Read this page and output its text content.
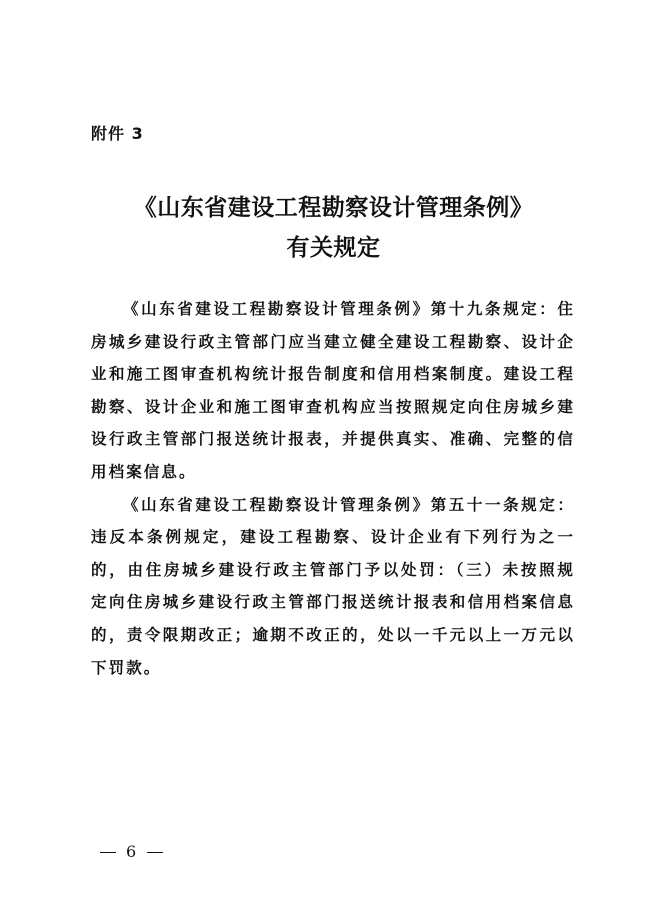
附件 3
《山东省建设工程勘察设计管理条例》
有关规定

《山东省建设工程勘察设计管理条例》第十九条规定：住房城乡建设行政主管部门应当建立健全建设工程勘察、设计企业和施工图审查机构统计报告制度和信用档案制度。建设工程勘察、设计企业和施工图审查机构应当按照规定向住房城乡建设行政主管部门报送统计报表，并提供真实、准确、完整的信用档案信息。

《山东省建设工程勘察设计管理条例》第五十一条规定：违反本条例规定，建设工程勘察、设计企业有下列行为之一的，由住房城乡建设行政主管部门予以处罚：（三）未按照规定向住房城乡建设行政主管部门报送统计报表和信用档案信息的，责令限期改正；逾期不改正的，处以一千元以上一万元以下罚款。

6
